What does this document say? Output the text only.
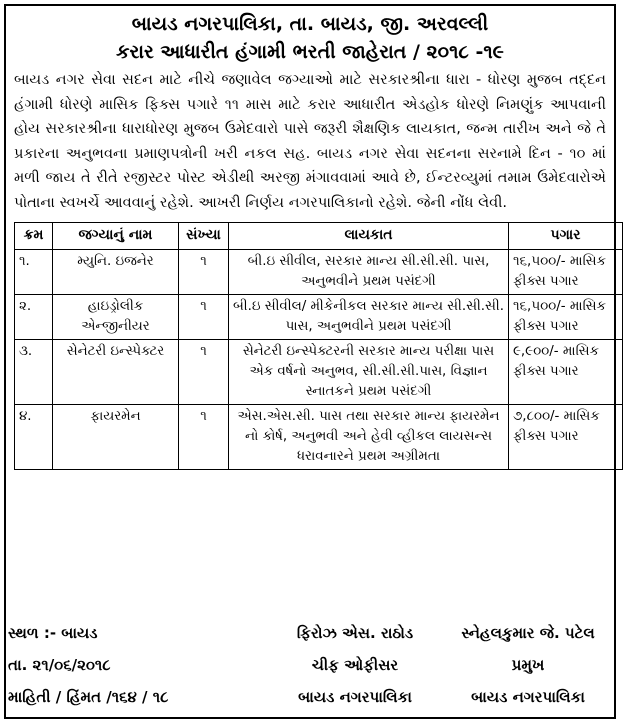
બાયડ નગરપાલિકા, તા. બાયડ, જી. અરવલ્લી

કરાર આધારીત હંગામી ભરતી જાહેરાત / ૨૦૧૮ -૧૯

બાયડ નગર સેવા સદન માટે નીચે જણાવેલ જગ્યાઓ માટે સરકારશ્રીના ધારા - ધોરણ મુજબ તદ્દન હંગામી ધોરણે માસિક ફિક્સ પગારે ૧૧ માસ માટે કરાર આધારીત એડહોક ધોરણે નિમણુંક આપવાની હોય સરકારશ્રીના ધારાધોરણ મુજબ ઉમેદવારો પાસે જરૂરી શૈક્ષણિક લાયકાત, જન્મ તારીખ અને જે તે પ્રકારના અનુભવના પ્રમાણપત્રોની ખરી નકલ સહ. બાયડ નગર સેવા સદનના સરનામે દિન - ૧૦ માં મળી જાય તે રીતે રજીસ્ટર પોસ્ટ એડીથી અરજી મંગાવવામાં આવે છે, ઈન્ટરવ્યુમાં તમામ ઉમેદવારોએ પોતાના સ્વખર્ચે આવવાનું રહેશે. આખરી નિર્ણય નગરપાલિકાનો રહેશે. જેની નોંધ લેવી.

ક્રમ	જગ્યાનું નામ	સંખ્યા	લાયકાત	પગાર
૧.	મ્યુનિ. ઇજનેર	૧	બી.ઇ સીવીલ, સરકાર માન્ય સી.સી.સી. પાસ, અનુભવીને પ્રથમ પસંદગી	૧૬,૫૦૦/- માસિક ફીક્સ પગાર
૨.	હાઇડ્રોલીક એન્જીનીયર	૧	બી.ઇ સીવીલ/ મીકેનીકલ સરકાર માન્ય સી.સી.સી. પાસ, અનુભવીને પ્રથમ પસંદગી	૧૬,૫૦૦/- માસિક ફીક્સ પગાર
૩.	સેનેટરી ઇન્સ્પેક્ટર	૧	સેનેટરી ઇન્સ્પેક્ટરની સરકાર માન્ય પરીક્ષા પાસ એક વર્ષનો અનુભવ, સી.સી.સી.પાસ, વિજ્ઞાન સ્નાતકને પ્રથમ પસંદગી	૯,૯૦૦/- માસિક ફીક્સ પગાર
૪.	ફાયરમેન	૧	એસ.એસ.સી. પાસ તથા સરકાર માન્ય ફાયરમેન નો કોર્ષ, અનુભવી અને હેવી વ્હીકલ લાયસન્સ ધરાવનારને પ્રથમ અગ્રીમતા	૭,૮૦૦/- માસિક ફીક્સ પગાર
સ્થળ :- બાયડ	ફિરોઝ એસ. રાઠોડ	સ્નેહલકુમાર જે. પટેલ
તા. ૨૧/૦૬/૨૦૧૮	ચીફ ઓફીસર	પ્રમુખ
માહિતી / હિંમત /૧૬૪ / ૧૮	બાયડ નગરપાલિકા	બાયડ નગરપાલિકા
